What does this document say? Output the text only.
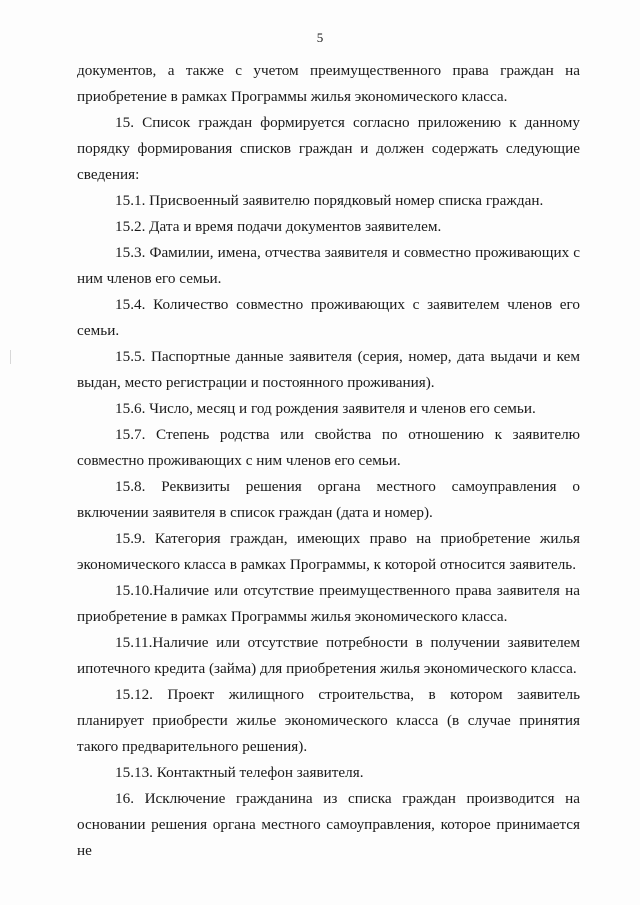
5

документов, а также с учетом преимущественного права граждан на приобретение в рамках Программы жилья экономического класса.

15. Список граждан формируется согласно приложению к данному порядку формирования списков граждан и должен содержать следующие сведения:

15.1. Присвоенный заявителю порядковый номер списка граждан.

15.2. Дата и время подачи документов заявителем.

15.3. Фамилии, имена, отчества заявителя и совместно проживающих с ним членов его семьи.

15.4. Количество совместно проживающих с заявителем членов его семьи.

15.5. Паспортные данные заявителя (серия, номер, дата выдачи и кем выдан, место регистрации и постоянного проживания).

15.6. Число, месяц и год рождения заявителя и членов его семьи.

15.7. Степень родства или свойства по отношению к заявителю совместно проживающих с ним членов его семьи.

15.8. Реквизиты решения органа местного самоуправления о включении заявителя в список граждан (дата и номер).

15.9. Категория граждан, имеющих право на приобретение жилья экономического класса в рамках Программы, к которой относится заявитель.

15.10.Наличие или отсутствие преимущественного права заявителя на приобретение в рамках Программы жилья экономического класса.

15.11.Наличие или отсутствие потребности в получении заявителем ипотечного кредита (займа) для приобретения жилья экономического класса.

15.12. Проект жилищного строительства, в котором заявитель планирует приобрести жилье экономического класса (в случае принятия такого предварительного решения).

15.13. Контактный телефон заявителя.

16. Исключение гражданина из списка граждан производится на основании решения органа местного самоуправления, которое принимается не
